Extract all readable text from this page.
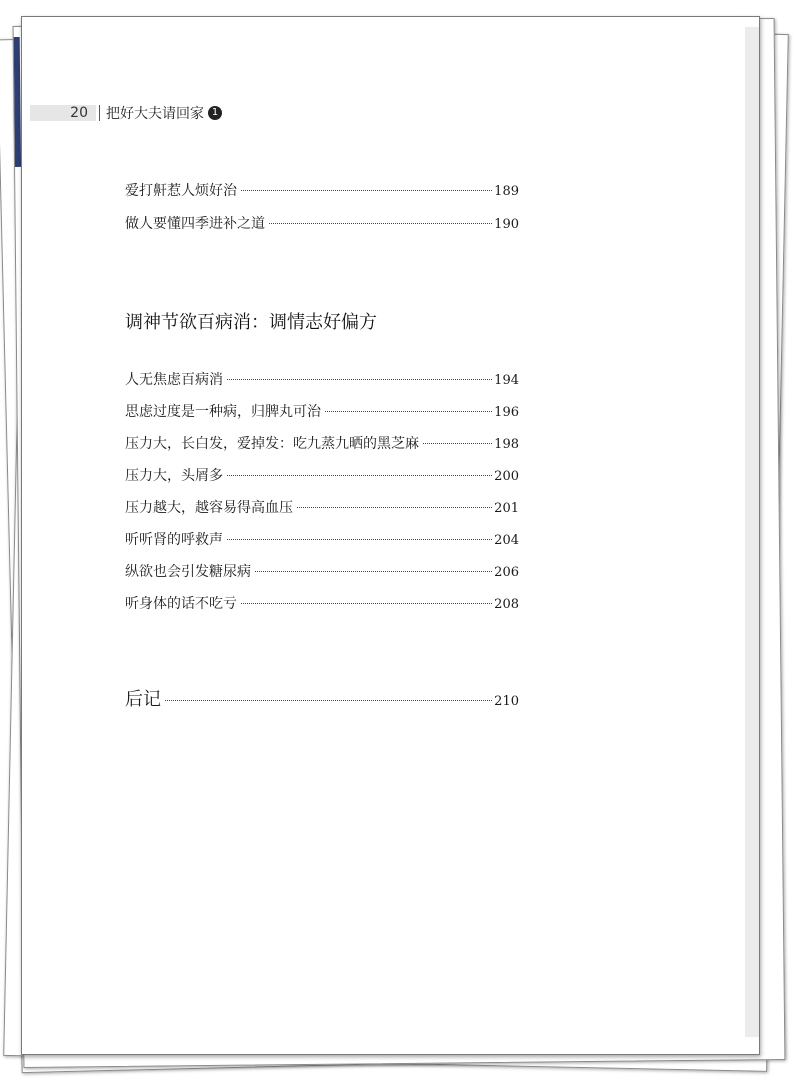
20	把好大夫请回家 1
爱打鼾惹人烦好治	189
做人要懂四季进补之道	190
调神节欲百病消：调情志好偏方
人无焦虑百病消	194
思虑过度是一种病，归脾丸可治	196
压力大，长白发，爱掉发：吃九蒸九晒的黑芝麻	198
压力大，头屑多	200
压力越大，越容易得高血压	201
听听肾的呼救声	204
纵欲也会引发糖尿病	206
听身体的话不吃亏	208
后记	210
